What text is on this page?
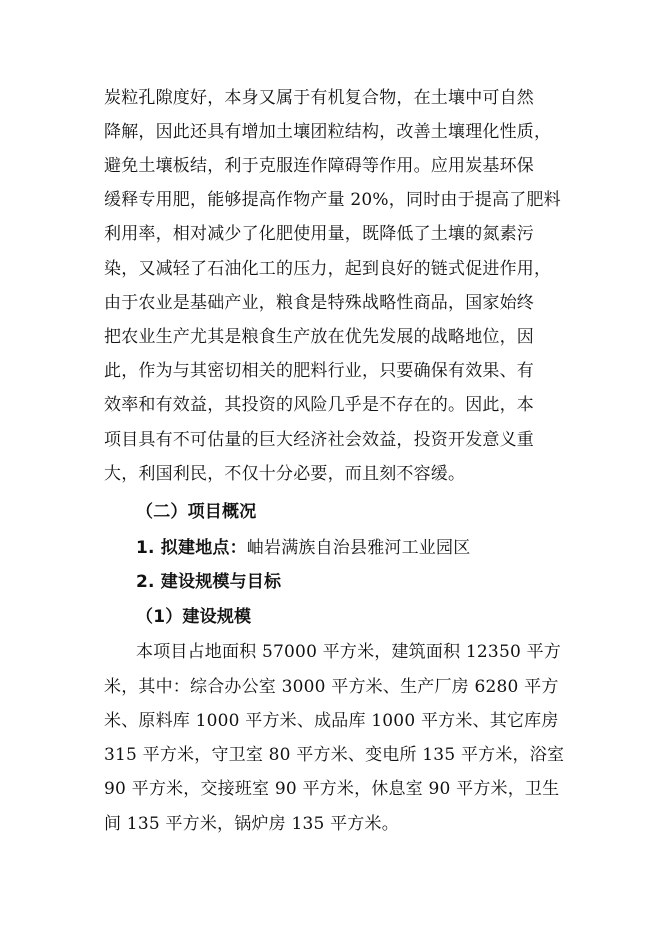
炭粒孔隙度好，本身又属于有机复合物，在土壤中可自然
降解，因此还具有增加土壤团粒结构，改善土壤理化性质，
避免土壤板结，利于克服连作障碍等作用。应用炭基环保
缓释专用肥，能够提高作物产量 20%，同时由于提高了肥料
利用率，相对减少了化肥使用量，既降低了土壤的氮素污
染，又减轻了石油化工的压力，起到良好的链式促进作用，
由于农业是基础产业，粮食是特殊战略性商品，国家始终
把农业生产尤其是粮食生产放在优先发展的战略地位，因
此，作为与其密切相关的肥料行业，只要确保有效果、有
效率和有效益，其投资的风险几乎是不存在的。因此，本
项目具有不可估量的巨大经济社会效益，投资开发意义重
大，利国利民，不仅十分必要，而且刻不容缓。
（二）项目概况
1. 拟建地点：岫岩满族自治县雅河工业园区
2. 建设规模与目标
（1）建设规模
本项目占地面积 57000 平方米，建筑面积 12350 平方
米，其中：综合办公室 3000 平方米、生产厂房 6280 平方
米、原料库 1000 平方米、成品库 1000 平方米、其它库房
315 平方米，守卫室 80 平方米、变电所 135 平方米，浴室
90 平方米，交接班室 90 平方米，休息室 90 平方米，卫生
间 135 平方米，锅炉房 135 平方米。
